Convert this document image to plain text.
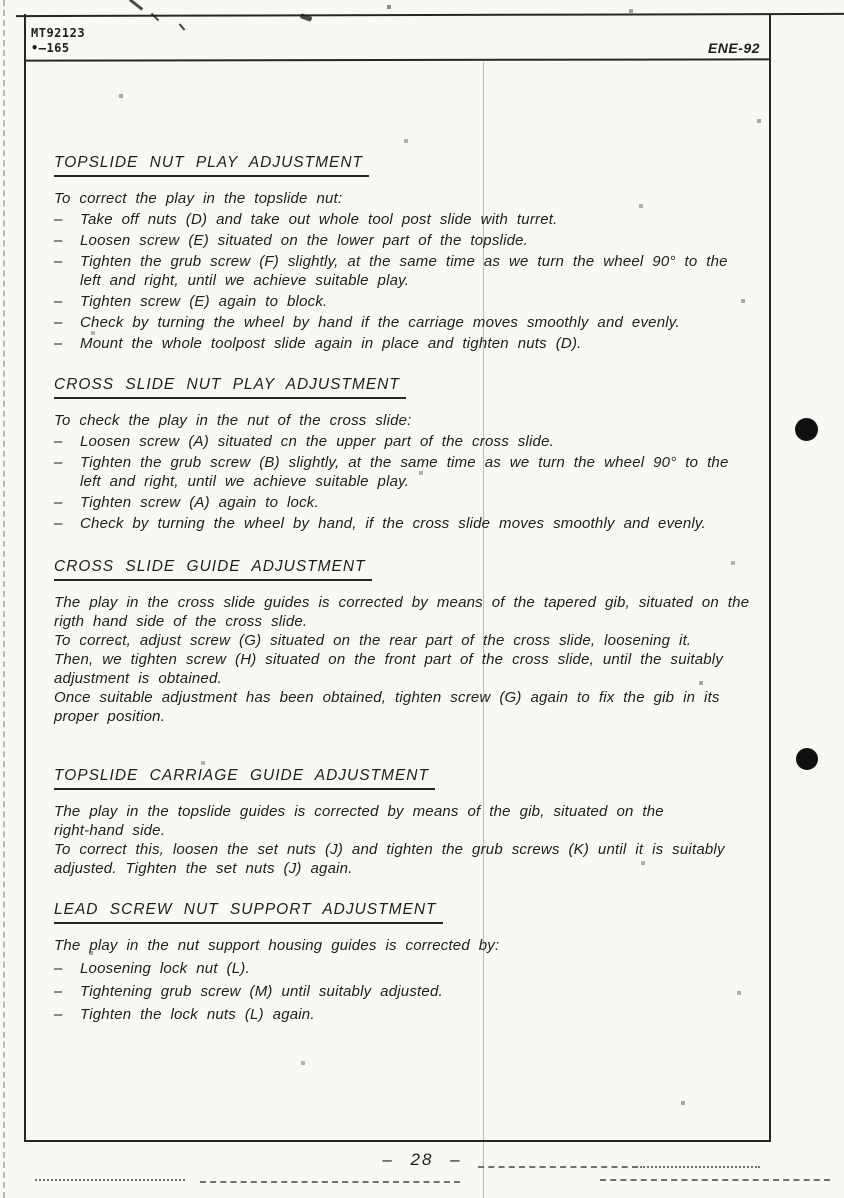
MT92123
•–165	ENE-92
TOPSLIDE NUT PLAY ADJUSTMENT
To correct the play in the topslide nut:
–	Take off nuts (D) and take out whole tool post slide with turret.
–	Loosen screw (E) situated on the lower part of the topslide.
–	Tighten the grub screw (F) slightly, at the same time as we turn the wheel 90° to the
left and right, until we achieve suitable play.
–	Tighten screw (E) again to block.
–	Check by turning the wheel by hand if the carriage moves smoothly and evenly.
–	Mount the whole toolpost slide again in place and tighten nuts (D).
CROSS SLIDE NUT PLAY ADJUSTMENT
To check the play in the nut of the cross slide:
–	Loosen screw (A) situated cn the upper part of the cross slide.
–	Tighten the grub screw (B) slightly, at the same time as we turn the wheel 90° to the
left and right, until we achieve suitable play.
–	Tighten screw (A) again to lock.
–	Check by turning the wheel by hand, if the cross slide moves smoothly and evenly.
CROSS SLIDE GUIDE ADJUSTMENT
The play in the cross slide guides is corrected by means of the tapered gib, situated on the
rigth hand side of the cross slide.
To correct, adjust screw (G) situated on the rear part of the cross slide, loosening it.
Then, we tighten screw (H) situated on the front part of the cross slide, until the suitably
adjustment is obtained.
Once suitable adjustment has been obtained, tighten screw (G) again to fix the gib in its
proper position.
TOPSLIDE CARRIAGE GUIDE ADJUSTMENT
The play in the topslide guides is corrected by means of the gib, situated on the
right-hand side.
To correct this, loosen the set nuts (J) and tighten the grub screws (K) until it is suitably
adjusted. Tighten the set nuts (J) again.
LEAD SCREW NUT SUPPORT ADJUSTMENT
The play in the nut support housing guides is corrected by:
–	Loosening lock nut (L).
–	Tightening grub screw (M) until suitably adjusted.
–	Tighten the lock nuts (L) again.
– 28 –
